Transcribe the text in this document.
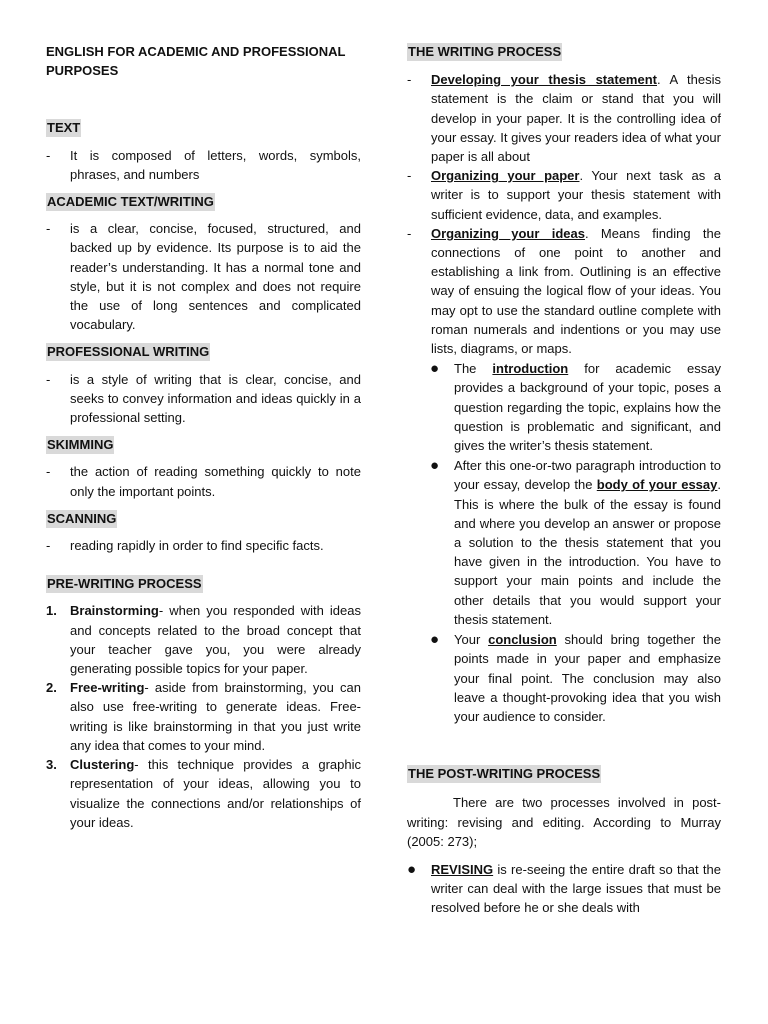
ENGLISH FOR ACADEMIC AND PROFESSIONAL PURPOSES

TEXT
-	It is composed of letters, words, symbols, phrases, and numbers
ACADEMIC TEXT/WRITING
-	is a clear, concise, focused, structured, and backed up by evidence. Its purpose is to aid the reader’s understanding. It has a normal tone and style, but it is not complex and does not require the use of long sentences and complicated vocabulary.
PROFESSIONAL WRITING
-	is a style of writing that is clear, concise, and seeks to convey information and ideas quickly in a professional setting.
SKIMMING
-	the action of reading something quickly to note only the important points.
SCANNING
-	reading rapidly in order to find specific facts.
PRE-WRITING PROCESS
1.	Brainstorming- when you responded with ideas and concepts related to the broad concept that your teacher gave you, you were already generating possible topics for your paper.
2.	Free-writing- aside from brainstorming, you can also use free-writing to generate ideas. Free-writing is like brainstorming in that you just write any idea that comes to your mind.
3.	Clustering- this technique provides a graphic representation of your ideas, allowing you to visualize the connections and/or relationships of your ideas.
THE WRITING PROCESS
-	Developing your thesis statement. A thesis statement is the claim or stand that you will develop in your paper. It is the controlling idea of your essay. It gives your readers idea of what your paper is all about
-	Organizing your paper. Your next task as a writer is to support your thesis statement with sufficient evidence, data, and examples.
-	Organizing your ideas. Means finding the connections of one point to another and establishing a link from. Outlining is an effective way of ensuing the logical flow of your ideas. You may opt to use the standard outline complete with roman numerals and indentions or you may use lists, diagrams, or maps.
●	The introduction for academic essay provides a background of your topic, poses a question regarding the topic, explains how the question is problematic and significant, and gives the writer’s thesis statement.
●	After this one-or-two paragraph introduction to your essay, develop the body of your essay. This is where the bulk of the essay is found and where you develop an answer or propose a solution to the thesis statement that you have given in the introduction. You have to support your main points and include the other details that you would support your thesis statement.
●	Your conclusion should bring together the points made in your paper and emphasize your final point. The conclusion may also leave a thought-provoking idea that you wish your audience to consider.
THE POST-WRITING PROCESS

There are two processes involved in post-writing: revising and editing. According to Murray (2005: 273);

●	REVISING is re-seeing the entire draft so that the writer can deal with the large issues that must be resolved before he or she deals with
